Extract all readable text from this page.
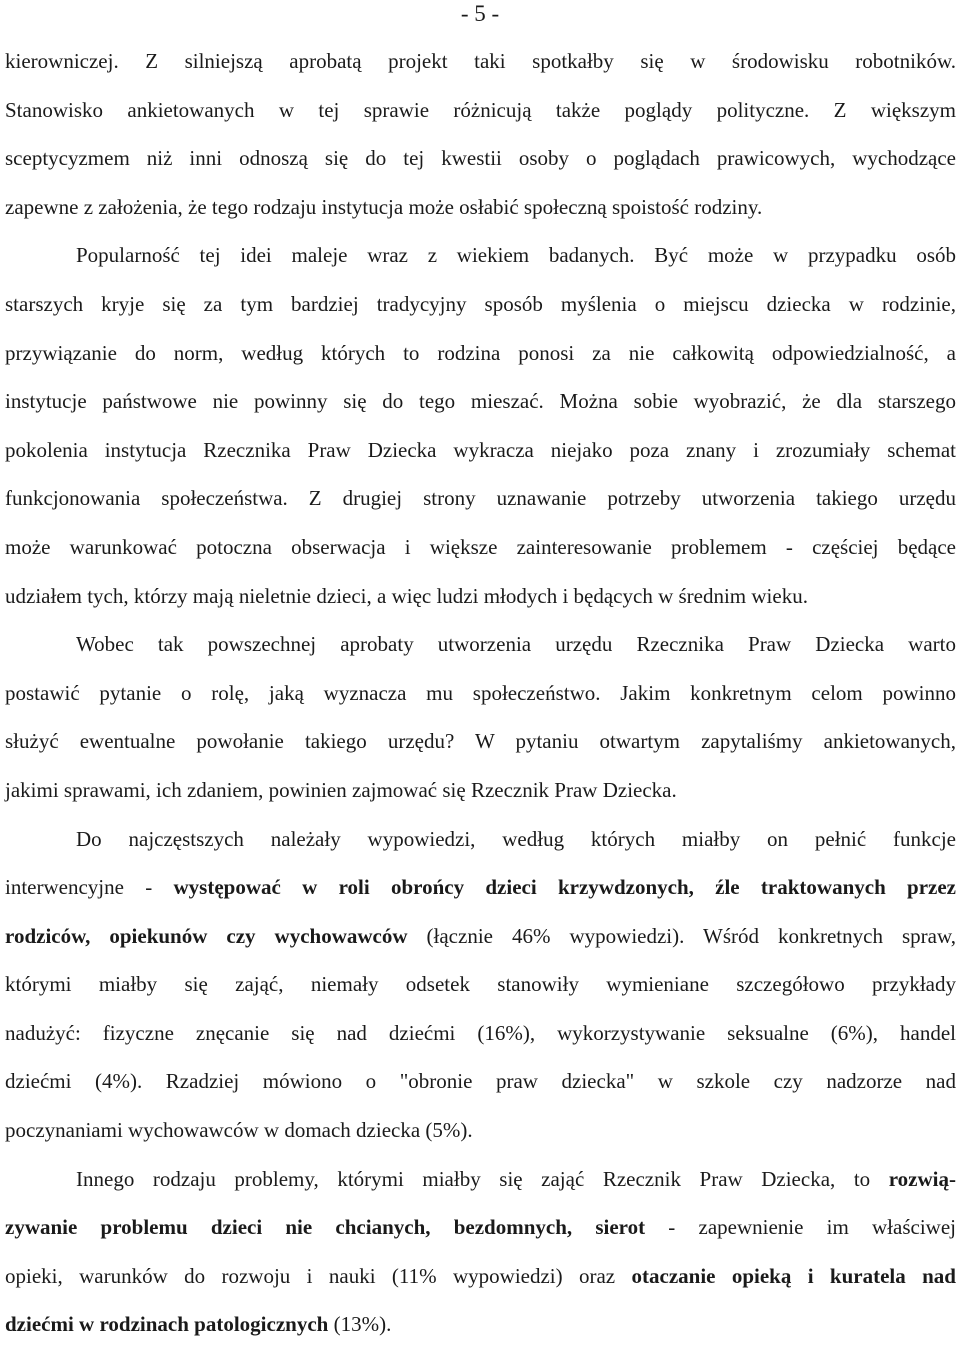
- 5 -
kierowniczej. Z silniejszą aprobatą projekt taki spotkałby się w środowisku robotników.
Stanowisko ankietowanych w tej sprawie różnicują także poglądy polityczne. Z większym
sceptycyzmem niż inni odnoszą się do tej kwestii osoby o poglądach prawicowych, wychodzące
zapewne z założenia, że tego rodzaju instytucja może osłabić społeczną spoistość rodziny.
Popularność tej idei maleje wraz z wiekiem badanych. Być może w przypadku osób
starszych kryje się za tym bardziej tradycyjny sposób myślenia o miejscu dziecka w rodzinie,
przywiązanie do norm, według których to rodzina ponosi za nie całkowitą odpowiedzialność, a
instytucje państwowe nie powinny się do tego mieszać. Można sobie wyobrazić, że dla starszego
pokolenia instytucja Rzecznika Praw Dziecka wykracza niejako poza znany i zrozumiały schemat
funkcjonowania społeczeństwa. Z drugiej strony uznawanie potrzeby utworzenia takiego urzędu
może warunkować potoczna obserwacja i większe zainteresowanie problemem - częściej będące
udziałem tych, którzy mają nieletnie dzieci, a więc ludzi młodych i będących w średnim wieku.
Wobec tak powszechnej aprobaty utworzenia urzędu Rzecznika Praw Dziecka warto
postawić pytanie o rolę, jaką wyznacza mu społeczeństwo. Jakim konkretnym celom powinno
służyć ewentualne powołanie takiego urzędu? W pytaniu otwartym zapytaliśmy ankietowanych,
jakimi sprawami, ich zdaniem, powinien zajmować się Rzecznik Praw Dziecka.
Do najczęstszych należały wypowiedzi, według których miałby on pełnić funkcje
interwencyjne - występować w roli obrońcy dzieci krzywdzonych, źle traktowanych przez
rodziców, opiekunów czy wychowawców (łącznie 46% wypowiedzi). Wśród konkretnych spraw,
którymi miałby się zająć, niemały odsetek stanowiły wymieniane szczegółowo przykłady
nadużyć: fizyczne znęcanie się nad dziećmi (16%), wykorzystywanie seksualne (6%), handel
dziećmi (4%). Rzadziej mówiono o "obronie praw dziecka" w szkole czy nadzorze nad
poczynaniami wychowawców w domach dziecka (5%).
Innego rodzaju problemy, którymi miałby się zająć Rzecznik Praw Dziecka, to rozwią-
zywanie problemu dzieci nie chcianych, bezdomnych, sierot - zapewnienie im właściwej
opieki, warunków do rozwoju i nauki (11% wypowiedzi) oraz otaczanie opieką i kuratela nad
dziećmi w rodzinach patologicznych (13%).
